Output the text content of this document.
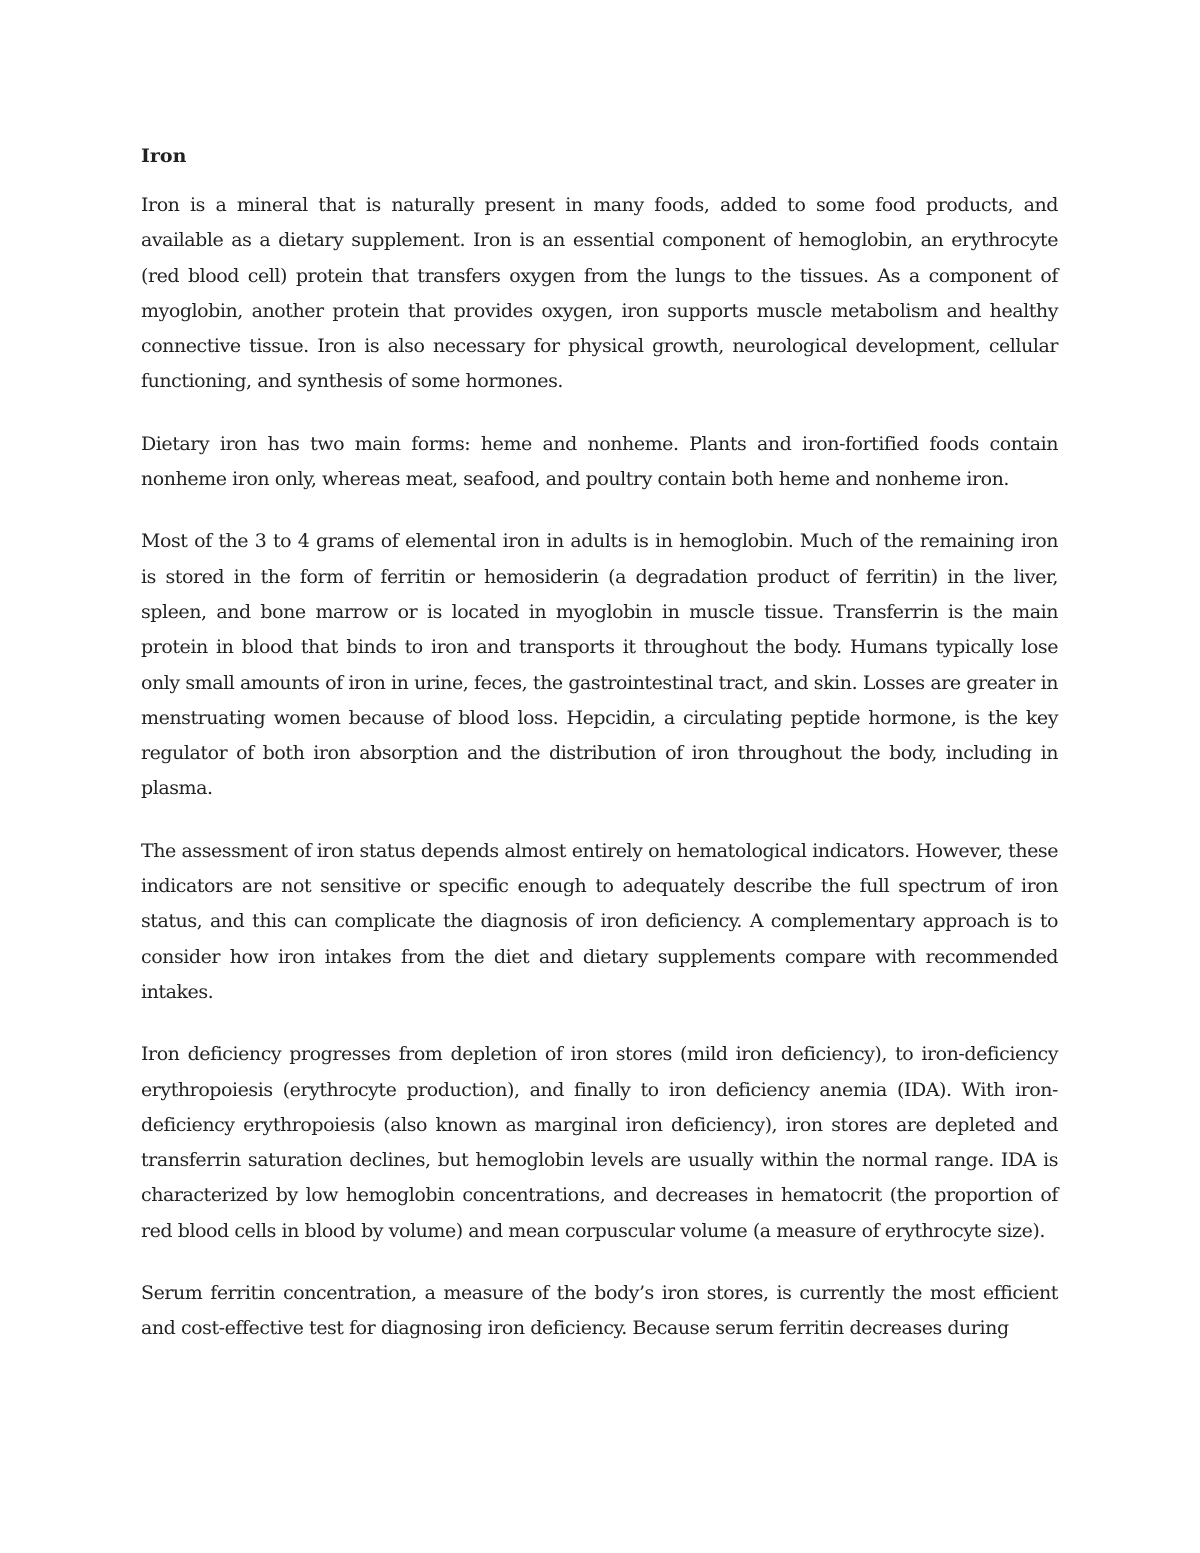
Iron

Iron is a mineral that is naturally present in many foods, added to some food products, and available as a dietary supplement. Iron is an essential component of hemoglobin, an erythrocyte (red blood cell) protein that transfers oxygen from the lungs to the tissues. As a component of myoglobin, another protein that provides oxygen, iron supports muscle metabolism and healthy connective tissue. Iron is also necessary for physical growth, neurological development, cellular functioning, and synthesis of some hormones.

Dietary iron has two main forms: heme and nonheme. Plants and iron-fortified foods contain nonheme iron only, whereas meat, seafood, and poultry contain both heme and nonheme iron.

Most of the 3 to 4 grams of elemental iron in adults is in hemoglobin. Much of the remaining iron is stored in the form of ferritin or hemosiderin (a degradation product of ferritin) in the liver, spleen, and bone marrow or is located in myoglobin in muscle tissue. Transferrin is the main protein in blood that binds to iron and transports it throughout the body. Humans typically lose only small amounts of iron in urine, feces, the gastrointestinal tract, and skin. Losses are greater in menstruating women because of blood loss. Hepcidin, a circulating peptide hormone, is the key regulator of both iron absorption and the distribution of iron throughout the body, including in plasma.

The assessment of iron status depends almost entirely on hematological indicators. However, these indicators are not sensitive or specific enough to adequately describe the full spectrum of iron status, and this can complicate the diagnosis of iron deficiency. A complementary approach is to consider how iron intakes from the diet and dietary supplements compare with recommended intakes.

Iron deficiency progresses from depletion of iron stores (mild iron deficiency), to iron-deficiency erythropoiesis (erythrocyte production), and finally to iron deficiency anemia (IDA). With iron-deficiency erythropoiesis (also known as marginal iron deficiency), iron stores are depleted and transferrin saturation declines, but hemoglobin levels are usually within the normal range. IDA is characterized by low hemoglobin concentrations, and decreases in hematocrit (the proportion of red blood cells in blood by volume) and mean corpuscular volume (a measure of erythrocyte size).

Serum ferritin concentration, a measure of the body’s iron stores, is currently the most efficient and cost-effective test for diagnosing iron deficiency. Because serum ferritin decreases during
